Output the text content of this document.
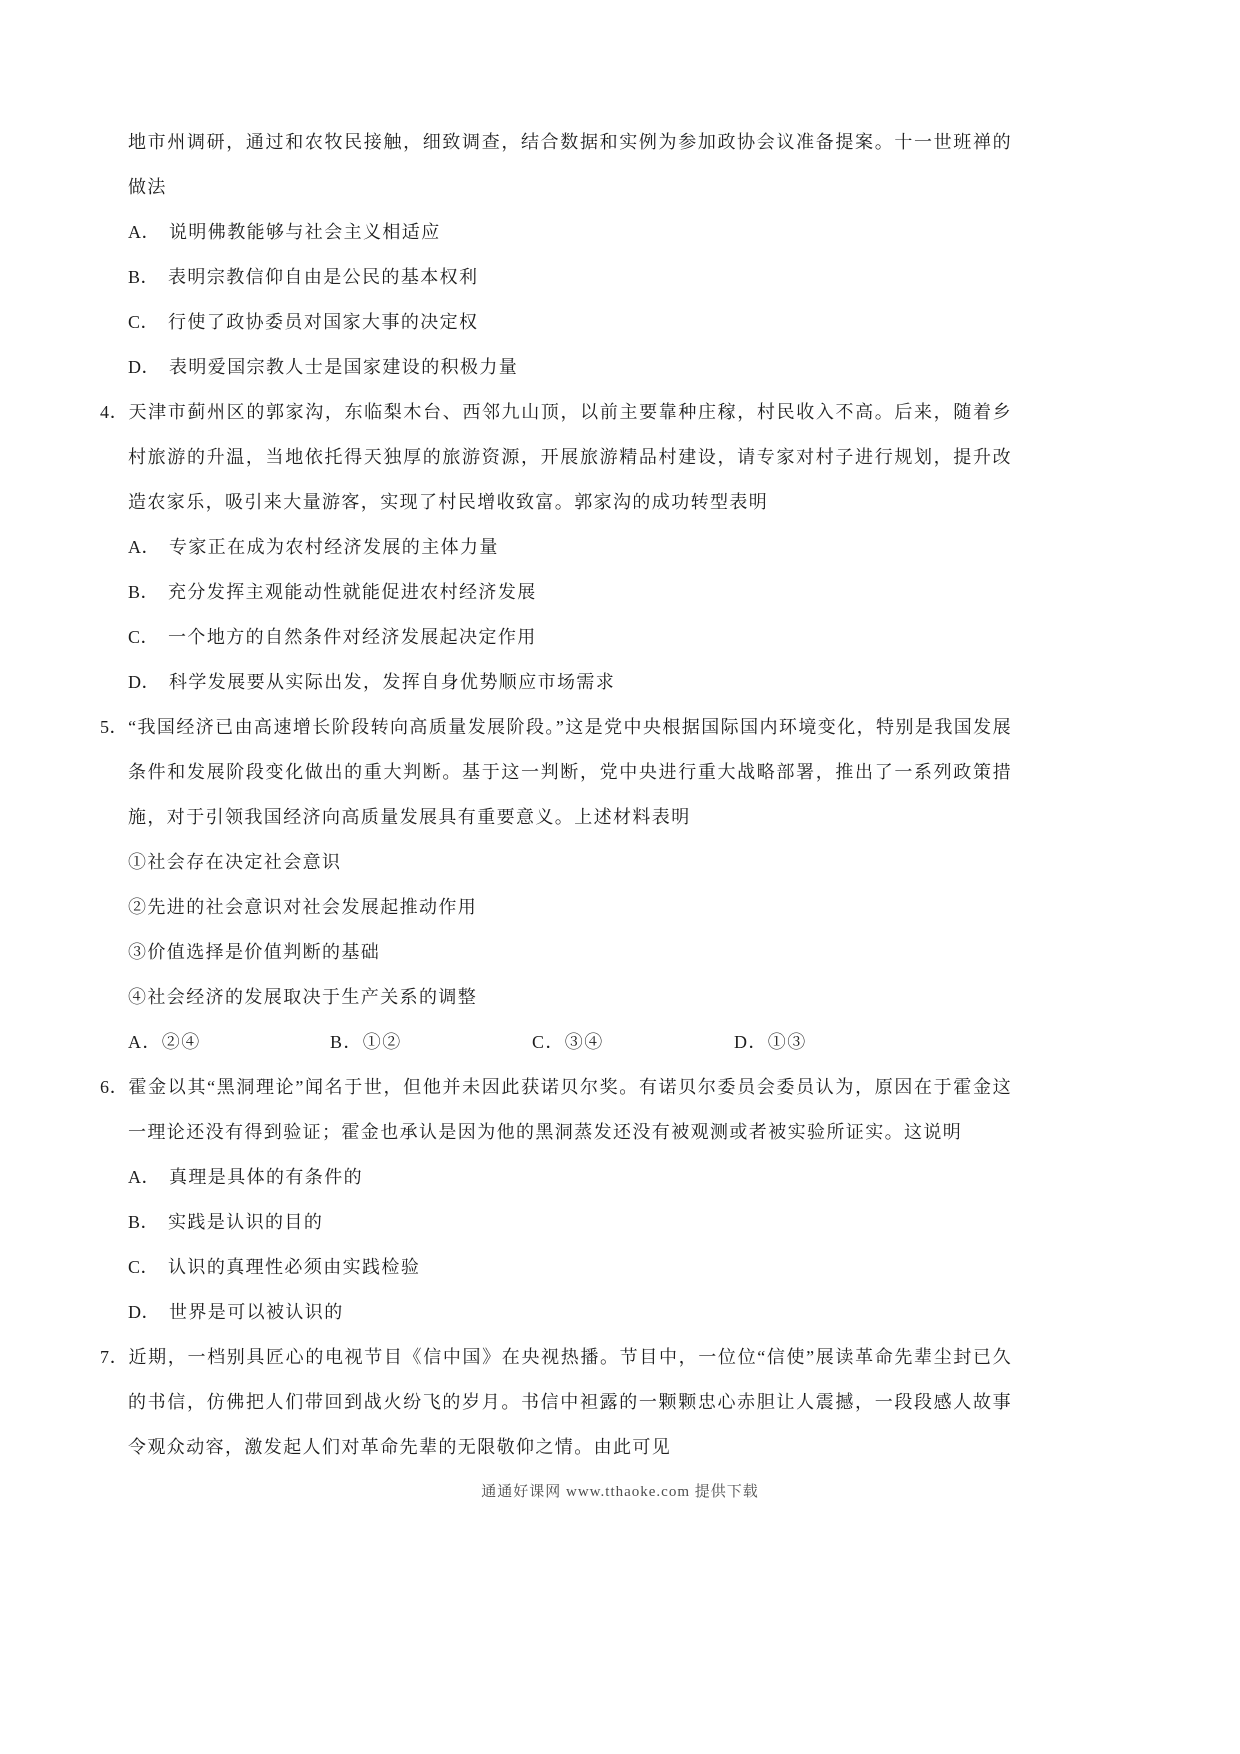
地市州调研，通过和农牧民接触，细致调查，结合数据和实例为参加政协会议准备提案。十一世班禅的做法
A． 说明佛教能够与社会主义相适应
B． 表明宗教信仰自由是公民的基本权利
C． 行使了政协委员对国家大事的决定权
D． 表明爱国宗教人士是国家建设的积极力量
4．天津市蓟州区的郭家沟，东临梨木台、西邻九山顶，以前主要靠种庄稼，村民收入不高。后来，随着乡村旅游的升温，当地依托得天独厚的旅游资源，开展旅游精品村建设，请专家对村子进行规划，提升改造农家乐，吸引来大量游客，实现了村民增收致富。郭家沟的成功转型表明
A． 专家正在成为农村经济发展的主体力量
B． 充分发挥主观能动性就能促进农村经济发展
C． 一个地方的自然条件对经济发展起决定作用
D． 科学发展要从实际出发，发挥自身优势顺应市场需求
5．“我国经济已由高速增长阶段转向高质量发展阶段。”这是党中央根据国际国内环境变化，特别是我国发展条件和发展阶段变化做出的重大判断。基于这一判断，党中央进行重大战略部署，推出了一系列政策措施，对于引领我国经济向高质量发展具有重要意义。上述材料表明
①社会存在决定社会意识
②先进的社会意识对社会发展起推动作用
③价值选择是价值判断的基础
④社会经济的发展取决于生产关系的调整
A．②④	B．①②	C．③④	D．①③
6．霍金以其“黑洞理论”闻名于世，但他并未因此获诺贝尔奖。有诺贝尔委员会委员认为，原因在于霍金这一理论还没有得到验证；霍金也承认是因为他的黑洞蒸发还没有被观测或者被实验所证实。这说明
A． 真理是具体的有条件的
B． 实践是认识的目的
C． 认识的真理性必须由实践检验
D． 世界是可以被认识的
7．近期，一档别具匠心的电视节目《信中国》在央视热播。节目中，一位位“信使”展读革命先辈尘封已久的书信，仿佛把人们带回到战火纷飞的岁月。书信中袒露的一颗颗忠心赤胆让人震撼，一段段感人故事令观众动容，激发起人们对革命先辈的无限敬仰之情。由此可见
通通好课网 www.tthaoke.com 提供下载
